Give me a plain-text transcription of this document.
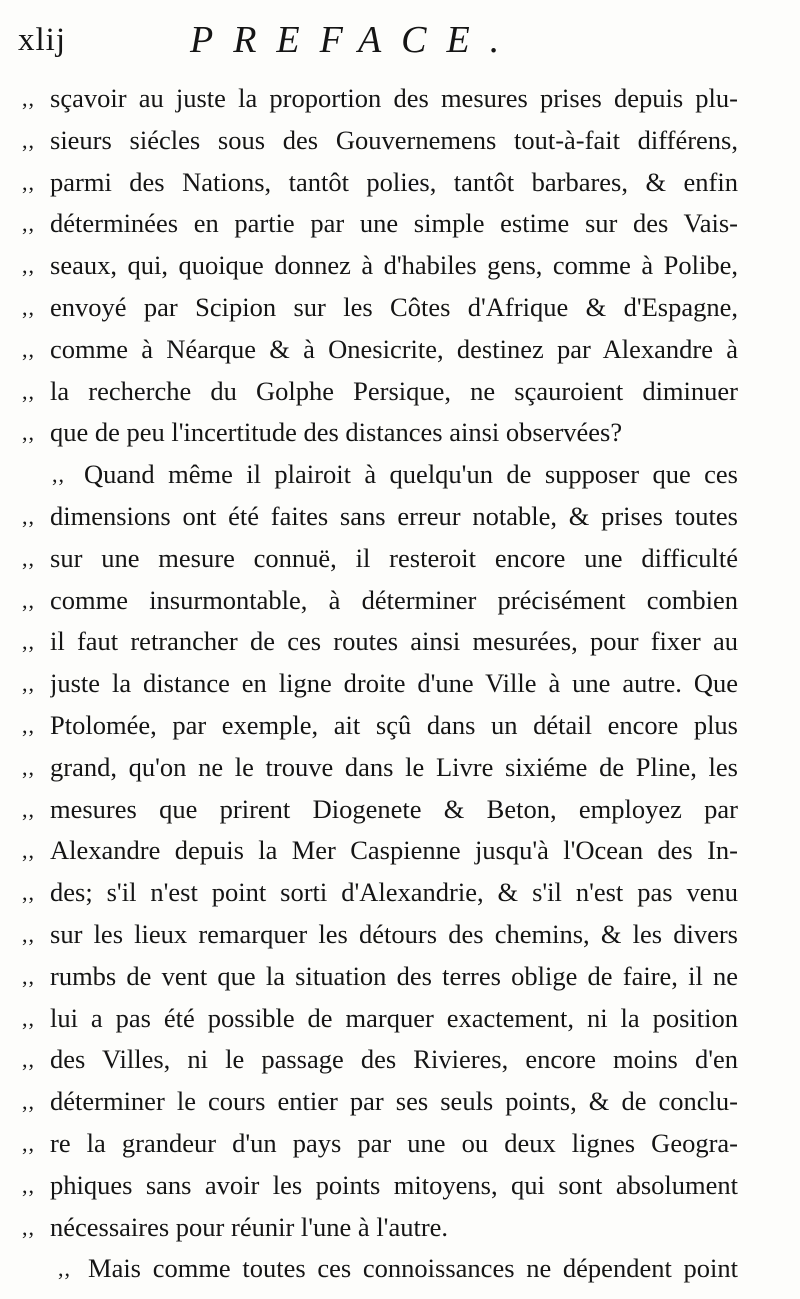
xlij	PREFACE.
,, sçavoir au juste la proportion des mesures prises depuis plu-
,, sieurs siécles sous des Gouvernemens tout-à-fait différens,
,, parmi des Nations, tantôt polies, tantôt barbares, & enfin
,, déterminées en partie par une simple estime sur des Vais-
,, seaux, qui, quoique donnez à d'habiles gens, comme à Polibe,
,, envoyé par Scipion sur les Côtes d'Afrique & d'Espagne,
,, comme à Néarque & à Onesicrite, destinez par Alexandre à
,, la recherche du Golphe Persique, ne sçauroient diminuer
,, que de peu l'incertitude des distances ainsi observées?
,, Quand même il plairoit à quelqu'un de supposer que ces
,, dimensions ont été faites sans erreur notable, & prises toutes
,, sur une mesure connuë, il resteroit encore une difficulté
,, comme insurmontable, à déterminer précisément combien
,, il faut retrancher de ces routes ainsi mesurées, pour fixer au
,, juste la distance en ligne droite d'une Ville à une autre. Que
,, Ptolomée, par exemple, ait sçû dans un détail encore plus
,, grand, qu'on ne le trouve dans le Livre sixiéme de Pline, les
,, mesures que prirent Diogenete & Beton, employez par
,, Alexandre depuis la Mer Caspienne jusqu'à l'Ocean des In-
,, des; s'il n'est point sorti d'Alexandrie, & s'il n'est pas venu
,, sur les lieux remarquer les détours des chemins, & les divers
,, rumbs de vent que la situation des terres oblige de faire, il ne
,, lui a pas été possible de marquer exactement, ni la position
,, des Villes, ni le passage des Rivieres, encore moins d'en
,, déterminer le cours entier par ses seuls points, & de conclu-
,, re la grandeur d'un pays par une ou deux lignes Geogra-
,, phiques sans avoir les points mitoyens, qui sont absolument
,, nécessaires pour réunir l'une à l'autre.
,, Mais comme toutes ces connoissances ne dépendent point
